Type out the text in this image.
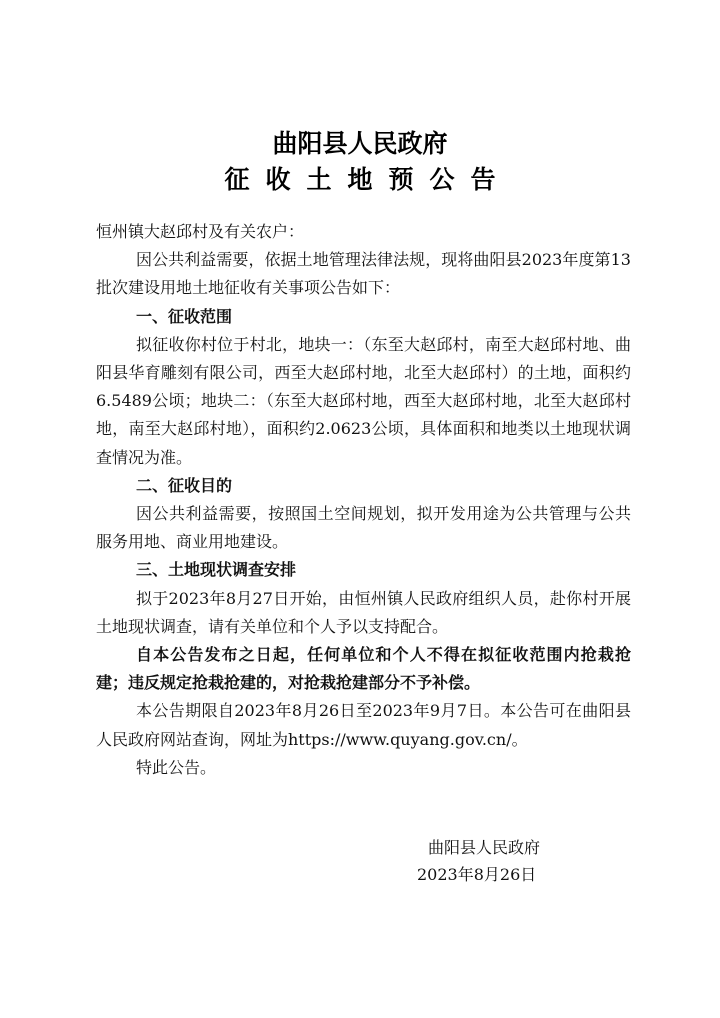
曲阳县人民政府
征收土地预公告

恒州镇大赵邱村及有关农户：

因公共利益需要，依据土地管理法律法规，现将曲阳县2023年度第13批次建设用地土地征收有关事项公告如下：

一、征收范围

拟征收你村位于村北，地块一：（东至大赵邱村，南至大赵邱村地、曲阳县华育雕刻有限公司，西至大赵邱村地，北至大赵邱村）的土地，面积约6.5489公顷；地块二：（东至大赵邱村地，西至大赵邱村地，北至大赵邱村地，南至大赵邱村地），面积约2.0623公顷，具体面积和地类以土地现状调查情况为准。

二、征收目的

因公共利益需要，按照国土空间规划，拟开发用途为公共管理与公共服务用地、商业用地建设。

三、土地现状调查安排

拟于2023年8月27日开始，由恒州镇人民政府组织人员，赴你村开展土地现状调查，请有关单位和个人予以支持配合。

自本公告发布之日起，任何单位和个人不得在拟征收范围内抢栽抢建；违反规定抢栽抢建的，对抢栽抢建部分不予补偿。

本公告期限自2023年8月26日至2023年9月7日。本公告可在曲阳县人民政府网站查询，网址为https://www.quyang.gov.cn/。

特此公告。

曲阳县人民政府
2023年8月26日
